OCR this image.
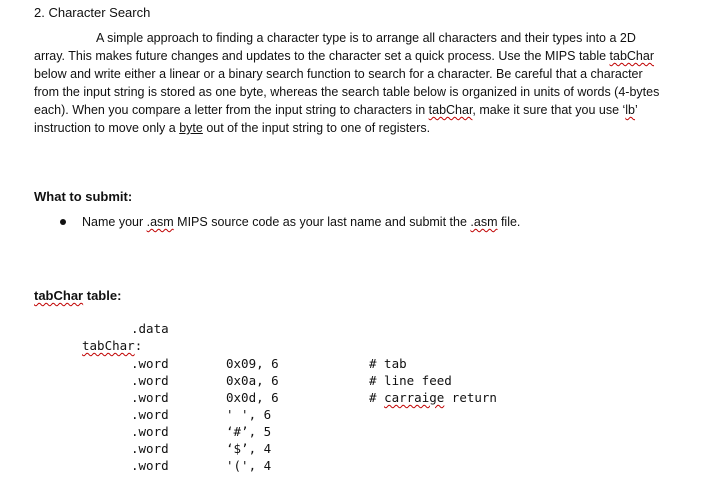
2. Character Search
A simple approach to finding a character type is to arrange all characters and their types into a 2D array. This makes future changes and updates to the character set a quick process. Use the MIPS table tabChar below and write either a linear or a binary search function to search for a character. Be careful that a character from the input string is stored as one byte, whereas the search table below is organized in units of words (4-bytes each). When you compare a letter from the input string to characters in tabChar, make it sure that you use ‘lb’ instruction to move only a byte out of the input string to one of registers.
What to submit:
Name your .asm MIPS source code as your last name and submit the .asm file.
tabChar table:
.data
tabChar:
.word	0x09, 6	# tab
.word	0x0a, 6	# line feed
.word	0x0d, 6	# carraige return
.word	' ', 6
.word	‘#’, 5
.word	‘$’, 4
.word	'(', 4
